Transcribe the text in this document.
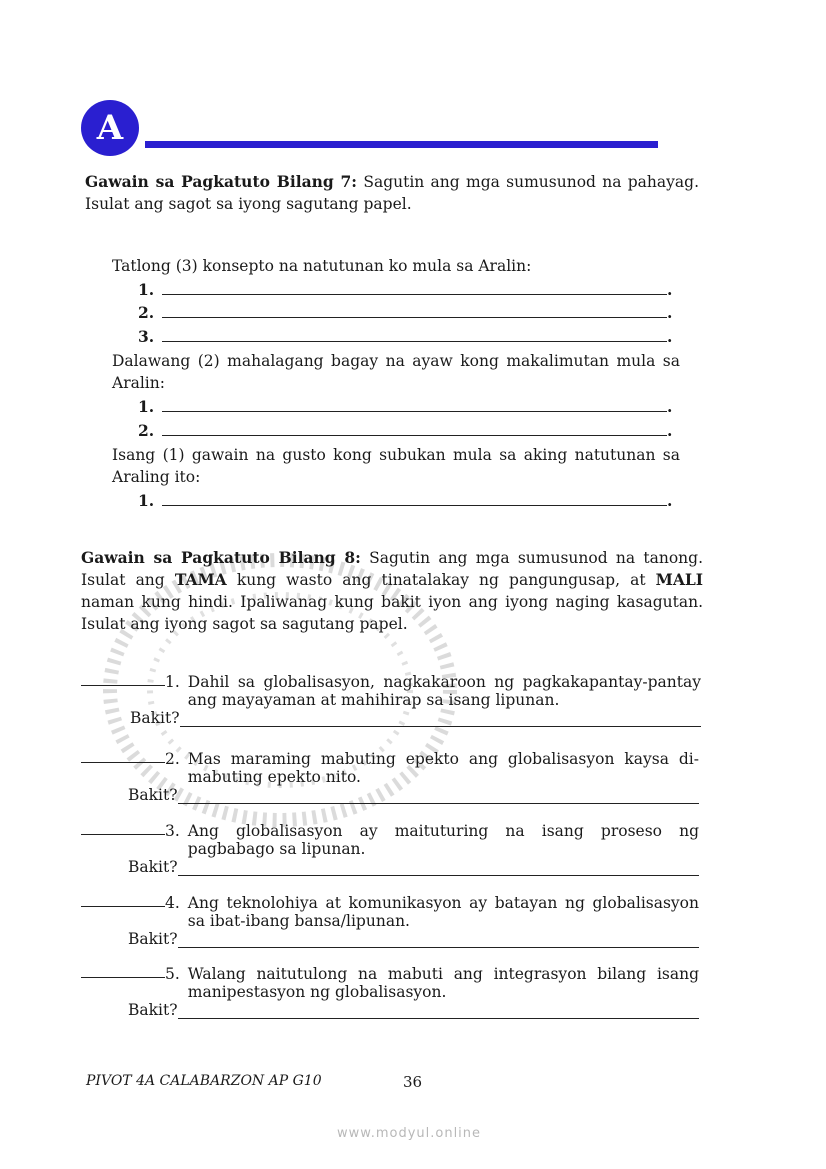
A
Gawain sa Pagkatuto Bilang 7: Sagutin ang mga sumusunod na pahayag. Isulat ang sagot sa iyong sagutang papel.
Tatlong (3) konsepto na natutunan ko mula sa Aralin:
1.	.
2.	.
3.	.
Dalawang (2) mahalagang bagay na ayaw kong makalimutan mula sa Aralin:
1.	.
2.	.
Isang (1) gawain na gusto kong subukan mula sa aking natutunan sa Araling ito:
1.	.
Gawain sa Pagkatuto Bilang 8: Sagutin ang mga sumusunod na tanong. Isulat ang TAMA kung wasto ang tinatalakay ng pangungusap, at MALI naman kung hindi. Ipaliwanag kung bakit iyon ang iyong naging kasagutan. Isulat ang iyong sagot sa sagutang papel.
1. Dahil sa globalisasyon, nagkakaroon ng pagkakapantay-pantay ang mayayaman at mahihirap sa isang lipunan.
Bakit?
2. Mas maraming mabuting epekto ang globalisasyon kaysa di-mabuting epekto nito.
Bakit?
3. Ang globalisasyon ay maituturing na isang proseso ng pagbabago sa lipunan.
Bakit?
4. Ang teknolohiya at komunikasyon ay batayan ng globalisasyon sa ibat-ibang bansa/lipunan.
Bakit?
5. Walang naitutulong na mabuti ang integrasyon bilang isang manipestasyon ng globalisasyon.
Bakit?
PIVOT 4A CALABARZON AP G10	36
www.modyul.online
